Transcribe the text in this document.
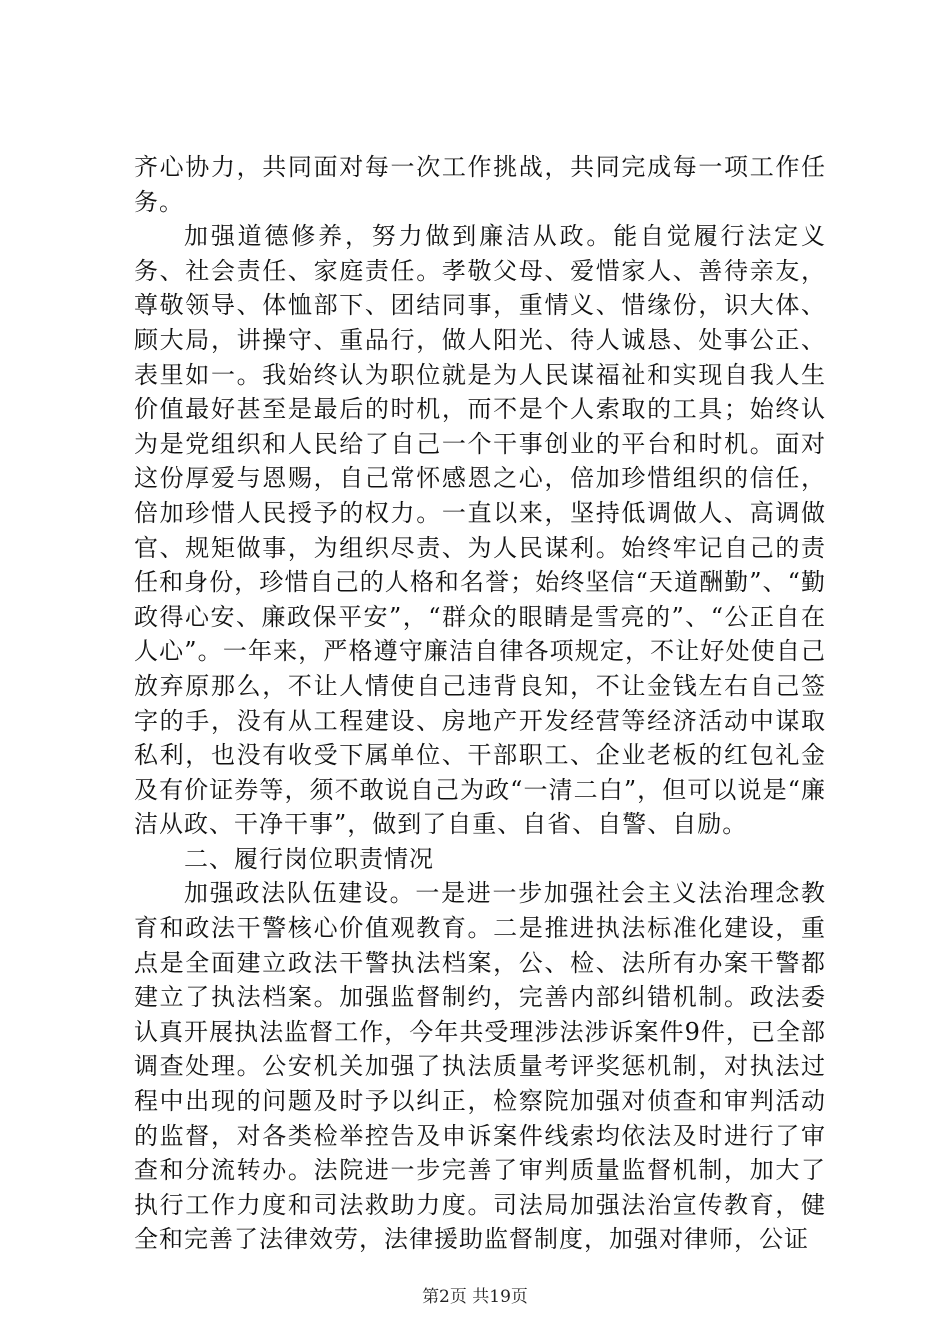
齐心协力，共同面对每一次工作挑战，共同完成每一项工作任务。

加强道德修养，努力做到廉洁从政。能自觉履行法定义务、社会责任、家庭责任。孝敬父母、爱惜家人、善待亲友，尊敬领导、体恤部下、团结同事，重情义、惜缘份，识大体、顾大局，讲操守、重品行，做人阳光、待人诚恳、处事公正、表里如一。我始终认为职位就是为人民谋福祉和实现自我人生价值最好甚至是最后的时机，而不是个人索取的工具；始终认为是党组织和人民给了自己一个干事创业的平台和时机。面对这份厚爱与恩赐，自己常怀感恩之心，倍加珍惜组织的信任，倍加珍惜人民授予的权力。一直以来，坚持低调做人、高调做官、规矩做事，为组织尽责、为人民谋利。始终牢记自己的责任和身份，珍惜自己的人格和名誉；始终坚信“天道酬勤”、“勤政得心安、廉政保平安”，“群众的眼睛是雪亮的”、“公正自在人心”。一年来，严格遵守廉洁自律各项规定，不让好处使自己放弃原那么，不让人情使自己违背良知，不让金钱左右自己签字的手，没有从工程建设、房地产开发经营等经济活动中谋取私利，也没有收受下属单位、干部职工、企业老板的红包礼金及有价证券等，须不敢说自己为政“一清二白”，但可以说是“廉洁从政、干净干事”，做到了自重、自省、自警、自励。

二、履行岗位职责情况

加强政法队伍建设。一是进一步加强社会主义法治理念教育和政法干警核心价值观教育。二是推进执法标准化建设，重点是全面建立政法干警执法档案，公、检、法所有办案干警都建立了执法档案。加强监督制约，完善内部纠错机制。政法委认真开展执法监督工作，今年共受理涉法涉诉案件9件，已全部调查处理。公安机关加强了执法质量考评奖惩机制，对执法过程中出现的问题及时予以纠正，检察院加强对侦查和审判活动的监督，对各类检举控告及申诉案件线索均依法及时进行了审查和分流转办。法院进一步完善了审判质量监督机制，加大了执行工作力度和司法救助力度。司法局加强法治宣传教育，健全和完善了法律效劳，法律援助监督制度，加强对律师，公证

第2页 共19页
